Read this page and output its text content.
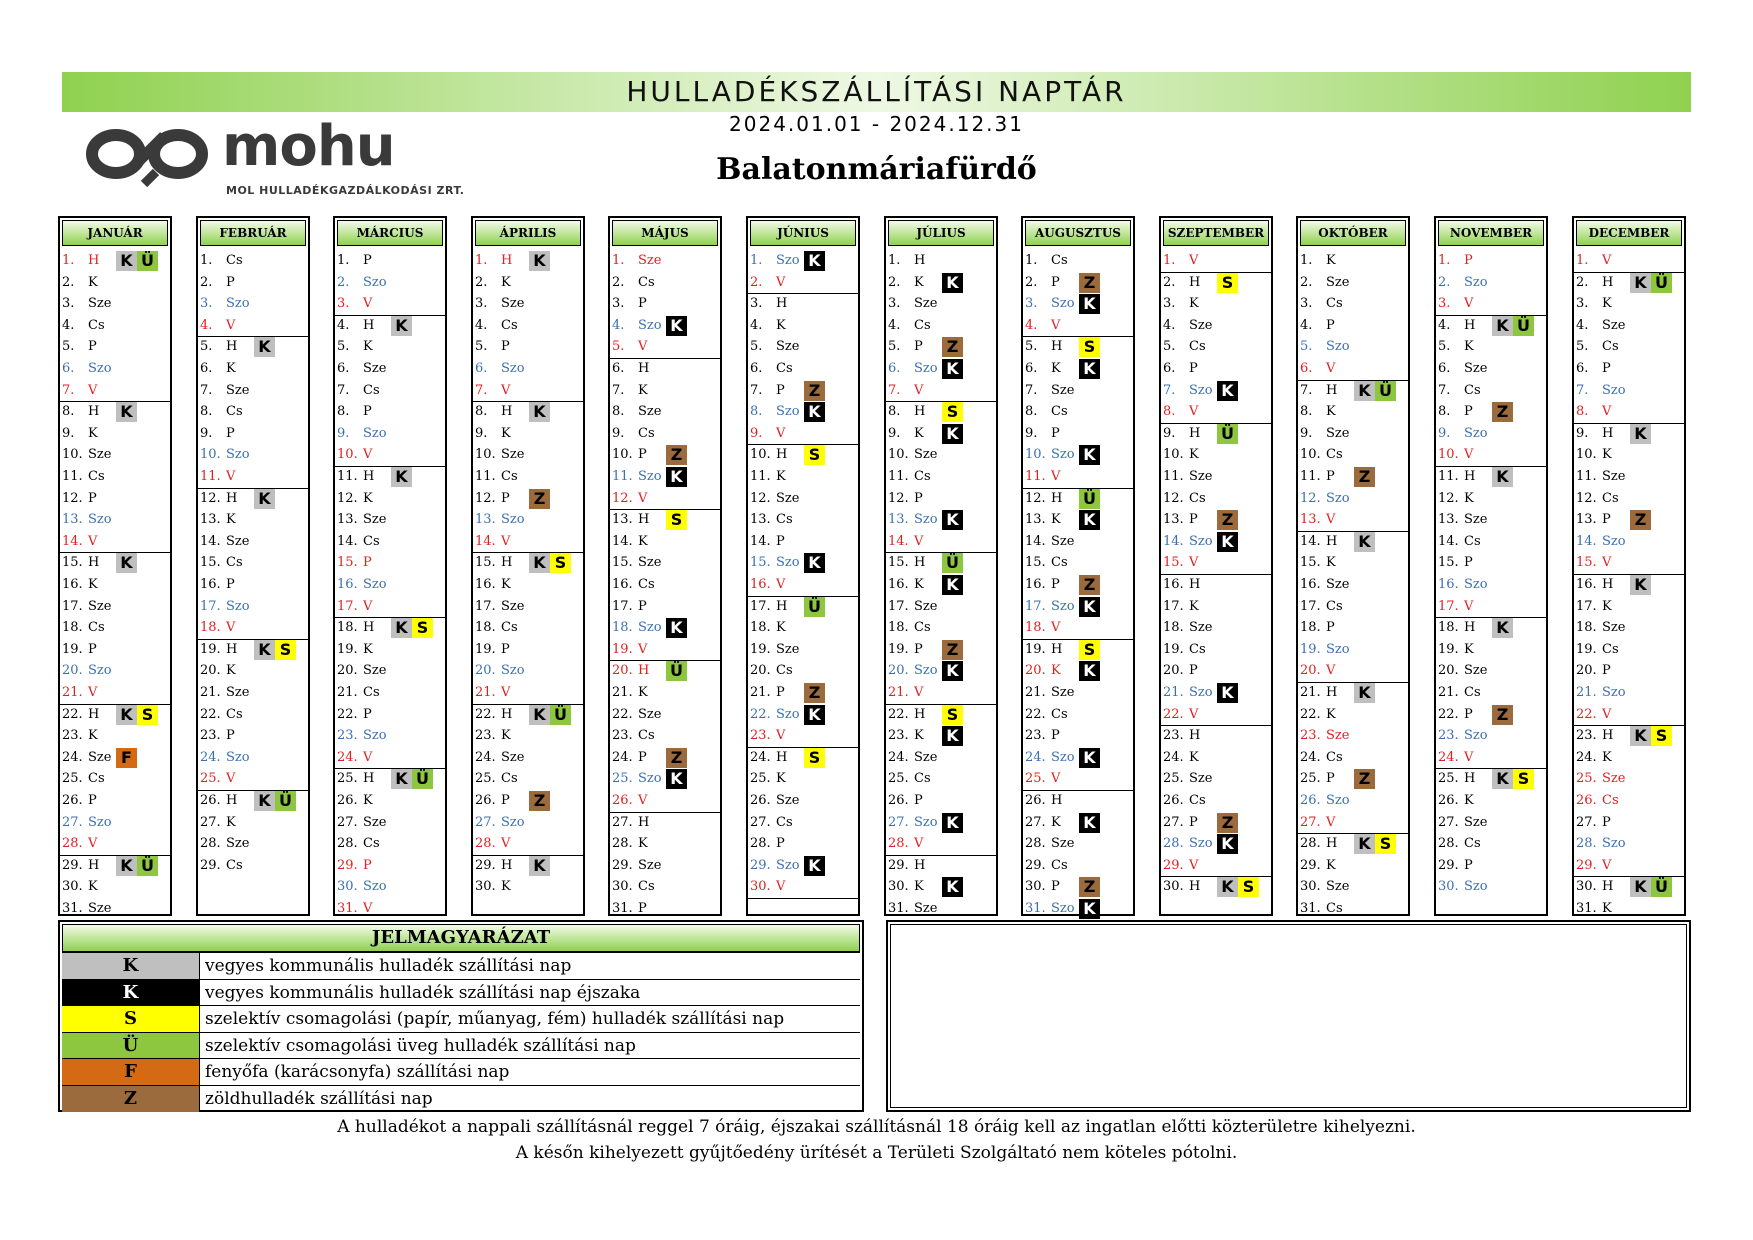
HULLADÉKSZÁLLÍTÁSI NAPTÁR
2024.01.01 - 2024.12.31
Balatonmáriafürdő
mohu
MOL HULLADÉKGAZDÁLKODÁSI ZRT.
JANUÁR
1.	H K Ü
2.	K
3.	Sze
4.	Cs
5.	P
6.	Szo
7.	V
8.	H K
9.	K
10. Sze
11. Cs
12. P
13. Szo
14. V
15. H K
16. K
17. Sze
18. Cs
19. P
20. Szo
21. V
22. H K S
23. K
24. Sze F
25. Cs
26. P
27. Szo
28. V
29. H K Ü
30. K
31. Sze
FEBRUÁR
1.	Cs
2.	P
3.	Szo
4.	V
5.	H K
6.	K
7.	Sze
8.	Cs
9.	P
10. Szo
11. V
12. H K
13. K
14. Sze
15. Cs
16. P
17. Szo
18. V
19. H K S
20. K
21. Sze
22. Cs
23. P
24. Szo
25. V
26. H K Ü
27. K
28. Sze
29. Cs
MÁRCIUS
1.	P
2.	Szo
3.	V
4.	H K
5.	K
6.	Sze
7.	Cs
8.	P
9.	Szo
10. V
11. H K
12. K
13. Sze
14. Cs
15. P
16. Szo
17. V
18. H K S
19. K
20. Sze
21. Cs
22. P
23. Szo
24. V
25. H K Ü
26. K
27. Sze
28. Cs
29. P
30. Szo
31. V
ÁPRILIS
1.	H K
2.	K
3.	Sze
4.	Cs
5.	P
6.	Szo
7.	V
8.	H K
9.	K
10. Sze
11. Cs
12. P Z
13. Szo
14. V
15. H K S
16. K
17. Sze
18. Cs
19. P
20. Szo
21. V
22. H K Ü
23. K
24. Sze
25. Cs
26. P Z
27. Szo
28. V
29. H K
30. K
MÁJUS
1.	Sze
2.	Cs
3.	P
4.	Szo K
5.	V
6.	H
7.	K
8.	Sze
9.	Cs
10. P Z
11. Szo K
12. V
13. H S
14. K
15. Sze
16. Cs
17. P
18. Szo K
19. V
20. H Ü
21. K
22. Sze
23. Cs
24. P Z
25. Szo K
26. V
27. H
28. K
29. Sze
30. Cs
31. P
JÚNIUS
1.	Szo K
2.	V
3.	H
4.	K
5.	Sze
6.	Cs
7.	P Z
8.	Szo K
9.	V
10. H S
11. K
12. Sze
13. Cs
14. P
15. Szo K
16. V
17. H Ü
18. K
19. Sze
20. Cs
21. P Z
22. Szo K
23. V
24. H S
25. K
26. Sze
27. Cs
28. P
29. Szo K
30. V
JÚLIUS
1.	H
2.	K K
3.	Sze
4.	Cs
5.	P Z
6.	Szo K
7.	V
8.	H S
9.	K K
10. Sze
11. Cs
12. P
13. Szo K
14. V
15. H Ü
16. K K
17. Sze
18. Cs
19. P Z
20. Szo K
21. V
22. H S
23. K K
24. Sze
25. Cs
26. P
27. Szo K
28. V
29. H
30. K K
31. Sze
AUGUSZTUS
1.	Cs
2.	P Z
3.	Szo K
4.	V
5.	H S
6.	K K
7.	Sze
8.	Cs
9.	P
10. Szo K
11. V
12. H Ü
13. K K
14. Sze
15. Cs
16. P Z
17. Szo K
18. V
19. H S
20. K K
21. Sze
22. Cs
23. P
24. Szo K
25. V
26. H
27. K K
28. Sze
29. Cs
30. P Z
31. Szo K
SZEPTEMBER
1.	V
2.	H S
3.	K
4.	Sze
5.	Cs
6.	P
7.	Szo K
8.	V
9.	H Ü
10. K
11. Sze
12. Cs
13. P Z
14. Szo K
15. V
16. H
17. K
18. Sze
19. Cs
20. P
21. Szo K
22. V
23. H
24. K
25. Sze
26. Cs
27. P Z
28. Szo K
29. V
30. H K S
OKTÓBER
1.	K
2.	Sze
3.	Cs
4.	P
5.	Szo
6.	V
7.	H K Ü
8.	K
9.	Sze
10. Cs
11. P Z
12. Szo
13. V
14. H K
15. K
16. Sze
17. Cs
18. P
19. Szo
20. V
21. H K
22. K
23. Sze
24. Cs
25. P Z
26. Szo
27. V
28. H K S
29. K
30. Sze
31. Cs
NOVEMBER
1.	P
2.	Szo
3.	V
4.	H K Ü
5.	K
6.	Sze
7.	Cs
8.	P Z
9.	Szo
10. V
11. H K
12. K
13. Sze
14. Cs
15. P
16. Szo
17. V
18. H K
19. K
20. Sze
21. Cs
22. P Z
23. Szo
24. V
25. H K S
26. K
27. Sze
28. Cs
29. P
30. Szo
DECEMBER
1.	V
2.	H K Ü
3.	K
4.	Sze
5.	Cs
6.	P
7.	Szo
8.	V
9.	H K
10. K
11. Sze
12. Cs
13. P Z
14. Szo
15. V
16. H K
17. K
18. Sze
19. Cs
20. P
21. Szo
22. V
23. H K S
24. K
25. Sze
26. Cs
27. P
28. Szo
29. V
30. H K Ü
31. K
JELMAGYARÁZAT
K	vegyes kommunális hulladék szállítási nap
K	vegyes kommunális hulladék szállítási nap éjszaka
S	szelektív csomagolási (papír, műanyag, fém) hulladék szállítási nap
Ü	szelektív csomagolási üveg hulladék szállítási nap
F	fenyőfa (karácsonyfa) szállítási nap
Z	zöldhulladék szállítási nap
A hulladékot a nappali szállításnál reggel 7 óráig, éjszakai szállításnál 18 óráig kell az ingatlan előtti közterületre kihelyezni.
A későn kihelyezett gyűjtőedény ürítését a Területi Szolgáltató nem köteles pótolni.
